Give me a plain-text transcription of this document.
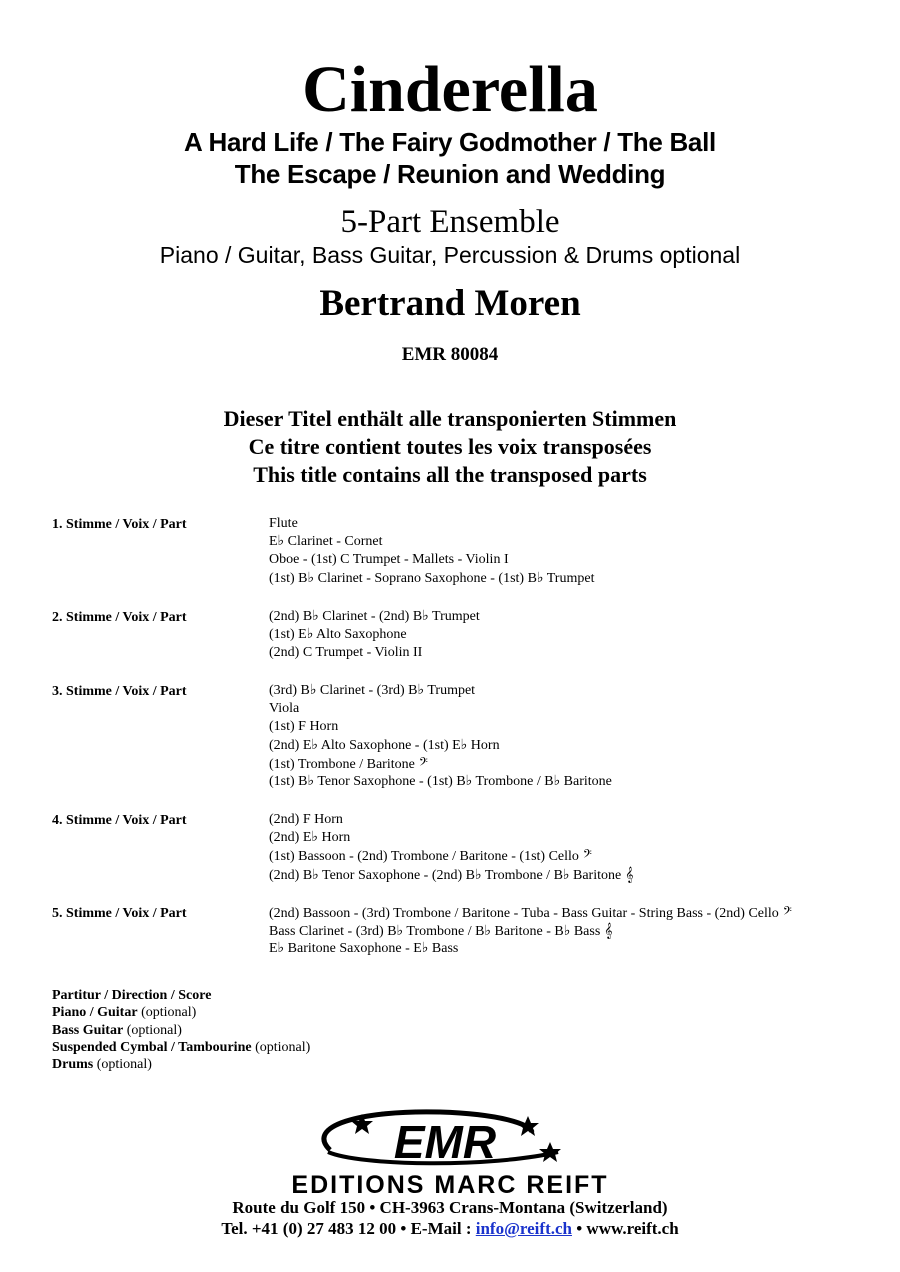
Cinderella
A Hard Life / The Fairy Godmother / The Ball
The Escape / Reunion and Wedding
5-Part Ensemble
Piano / Guitar, Bass Guitar, Percussion & Drums optional
Bertrand Moren
EMR 80084
Dieser Titel enthält alle transponierten Stimmen
Ce titre contient toutes les voix transposées
This title contains all the transposed parts
1. Stimme / Voix / Part	Flute
E♭ Clarinet - Cornet
Oboe - (1st) C Trumpet - Mallets - Violin I
(1st) B♭ Clarinet - Soprano Saxophone - (1st) B♭ Trumpet
2. Stimme / Voix / Part	(2nd) B♭ Clarinet - (2nd) B♭ Trumpet
(1st) E♭ Alto Saxophone
(2nd) C Trumpet - Violin II
3. Stimme / Voix / Part	(3rd) B♭ Clarinet - (3rd) B♭ Trumpet
Viola
(1st) F Horn
(2nd) E♭ Alto Saxophone - (1st) E♭ Horn
(1st) Trombone / Baritone 𝄢
(1st) B♭ Tenor Saxophone - (1st) B♭ Trombone / B♭ Baritone
4. Stimme / Voix / Part	(2nd) F Horn
(2nd) E♭ Horn
(1st) Bassoon - (2nd) Trombone / Baritone - (1st) Cello 𝄢
(2nd) B♭ Tenor Saxophone - (2nd) B♭ Trombone / B♭ Baritone 𝄞
5. Stimme / Voix / Part	(2nd) Bassoon - (3rd) Trombone / Baritone - Tuba - Bass Guitar - String Bass - (2nd) Cello 𝄢
Bass Clarinet - (3rd) B♭ Trombone / B♭ Baritone - B♭ Bass 𝄞
E♭ Baritone Saxophone - E♭ Bass
Partitur / Direction / Score
Piano / Guitar (optional)
Bass Guitar (optional)
Suspended Cymbal / Tambourine (optional)
Drums (optional)
EMR
EDITIONS MARC REIFT
Route du Golf 150 • CH-3963 Crans-Montana (Switzerland)
Tel. +41 (0) 27 483 12 00 • E-Mail : info@reift.ch • www.reift.ch
